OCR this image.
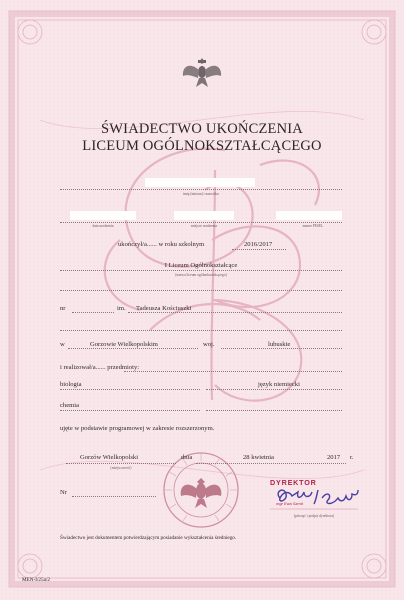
ŚWIADECTWO UKOŃCZENIA
LICEUM OGÓLNOKSZTAŁCĄCEGO
imię (imiona) i nazwisko
data urodzenia	miejsce urodzenia	numer PESEL
ukończył/a...... w roku szkolnym	2016/2017
I Liceum Ogólnokształcące
(nazwa liceum ogólnokształcącego)
nr	im. Tadeusza Kościuszki
w	Gorzowie Wielkopolskim	woj.	lubuskie
i realizował/a...... przedmioty:
biologia	język niemiecki
chemia
ujęte w podstawie programowej w zakresie rozszerzonym.
Gorzów Wielkopolski
(miejscowość)
dnia	28 kwietnia	2017 r.
Nr
DYREKTOR
mgr Ewa Szmit
(pieczęć i podpis dyrektora)
Świadectwo jest dokumentem potwierdzającym posiadanie wykształcenia średniego.
MEN-I/25a/2
